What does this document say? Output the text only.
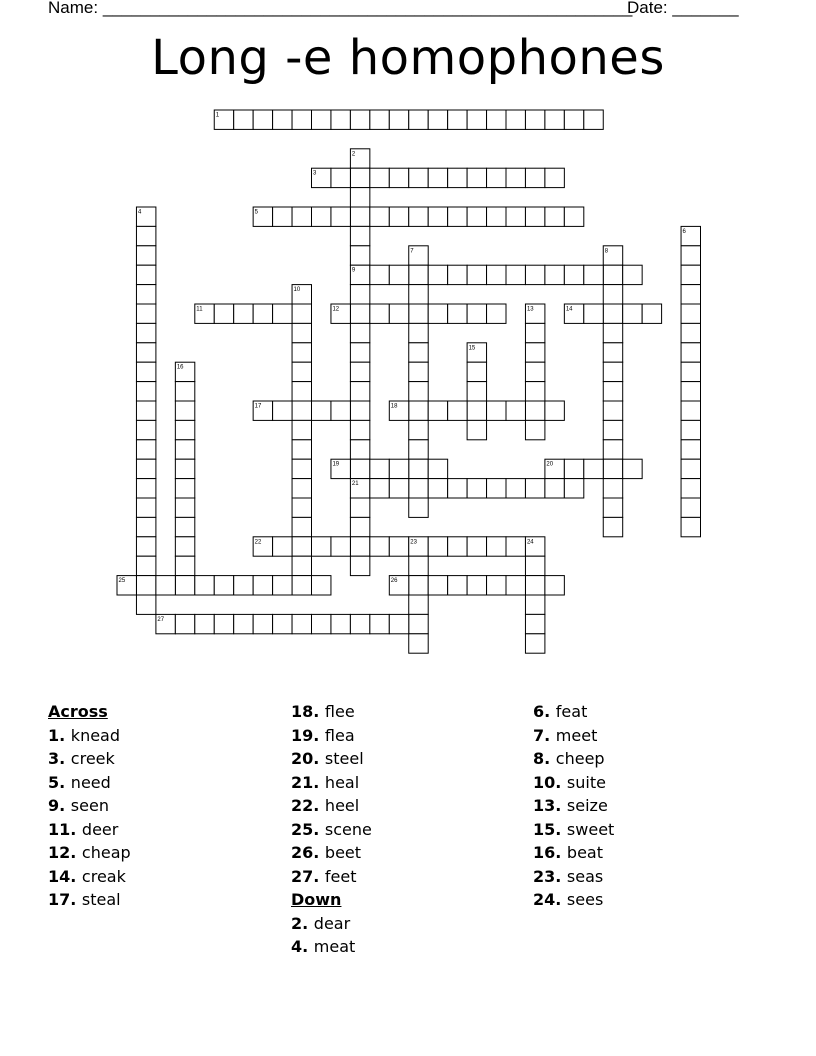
Name: ________________________________________________________
Date: _______
Long -e homophones
1
2
3
4	5
6
7	8
9
10
11	12	13	14
15
16
17	18
19	20
21
22	23	24
25	26
27
Across
1. knead
3. creek
5. need
9. seen
11. deer
12. cheap
14. creak
17. steal
18. flee
19. flea
20. steel
21. heal
22. heel
25. scene
26. beet
27. feet
Down
2. dear
4. meat
6. feat
7. meet
8. cheep
10. suite
13. seize
15. sweet
16. beat
23. seas
24. sees
